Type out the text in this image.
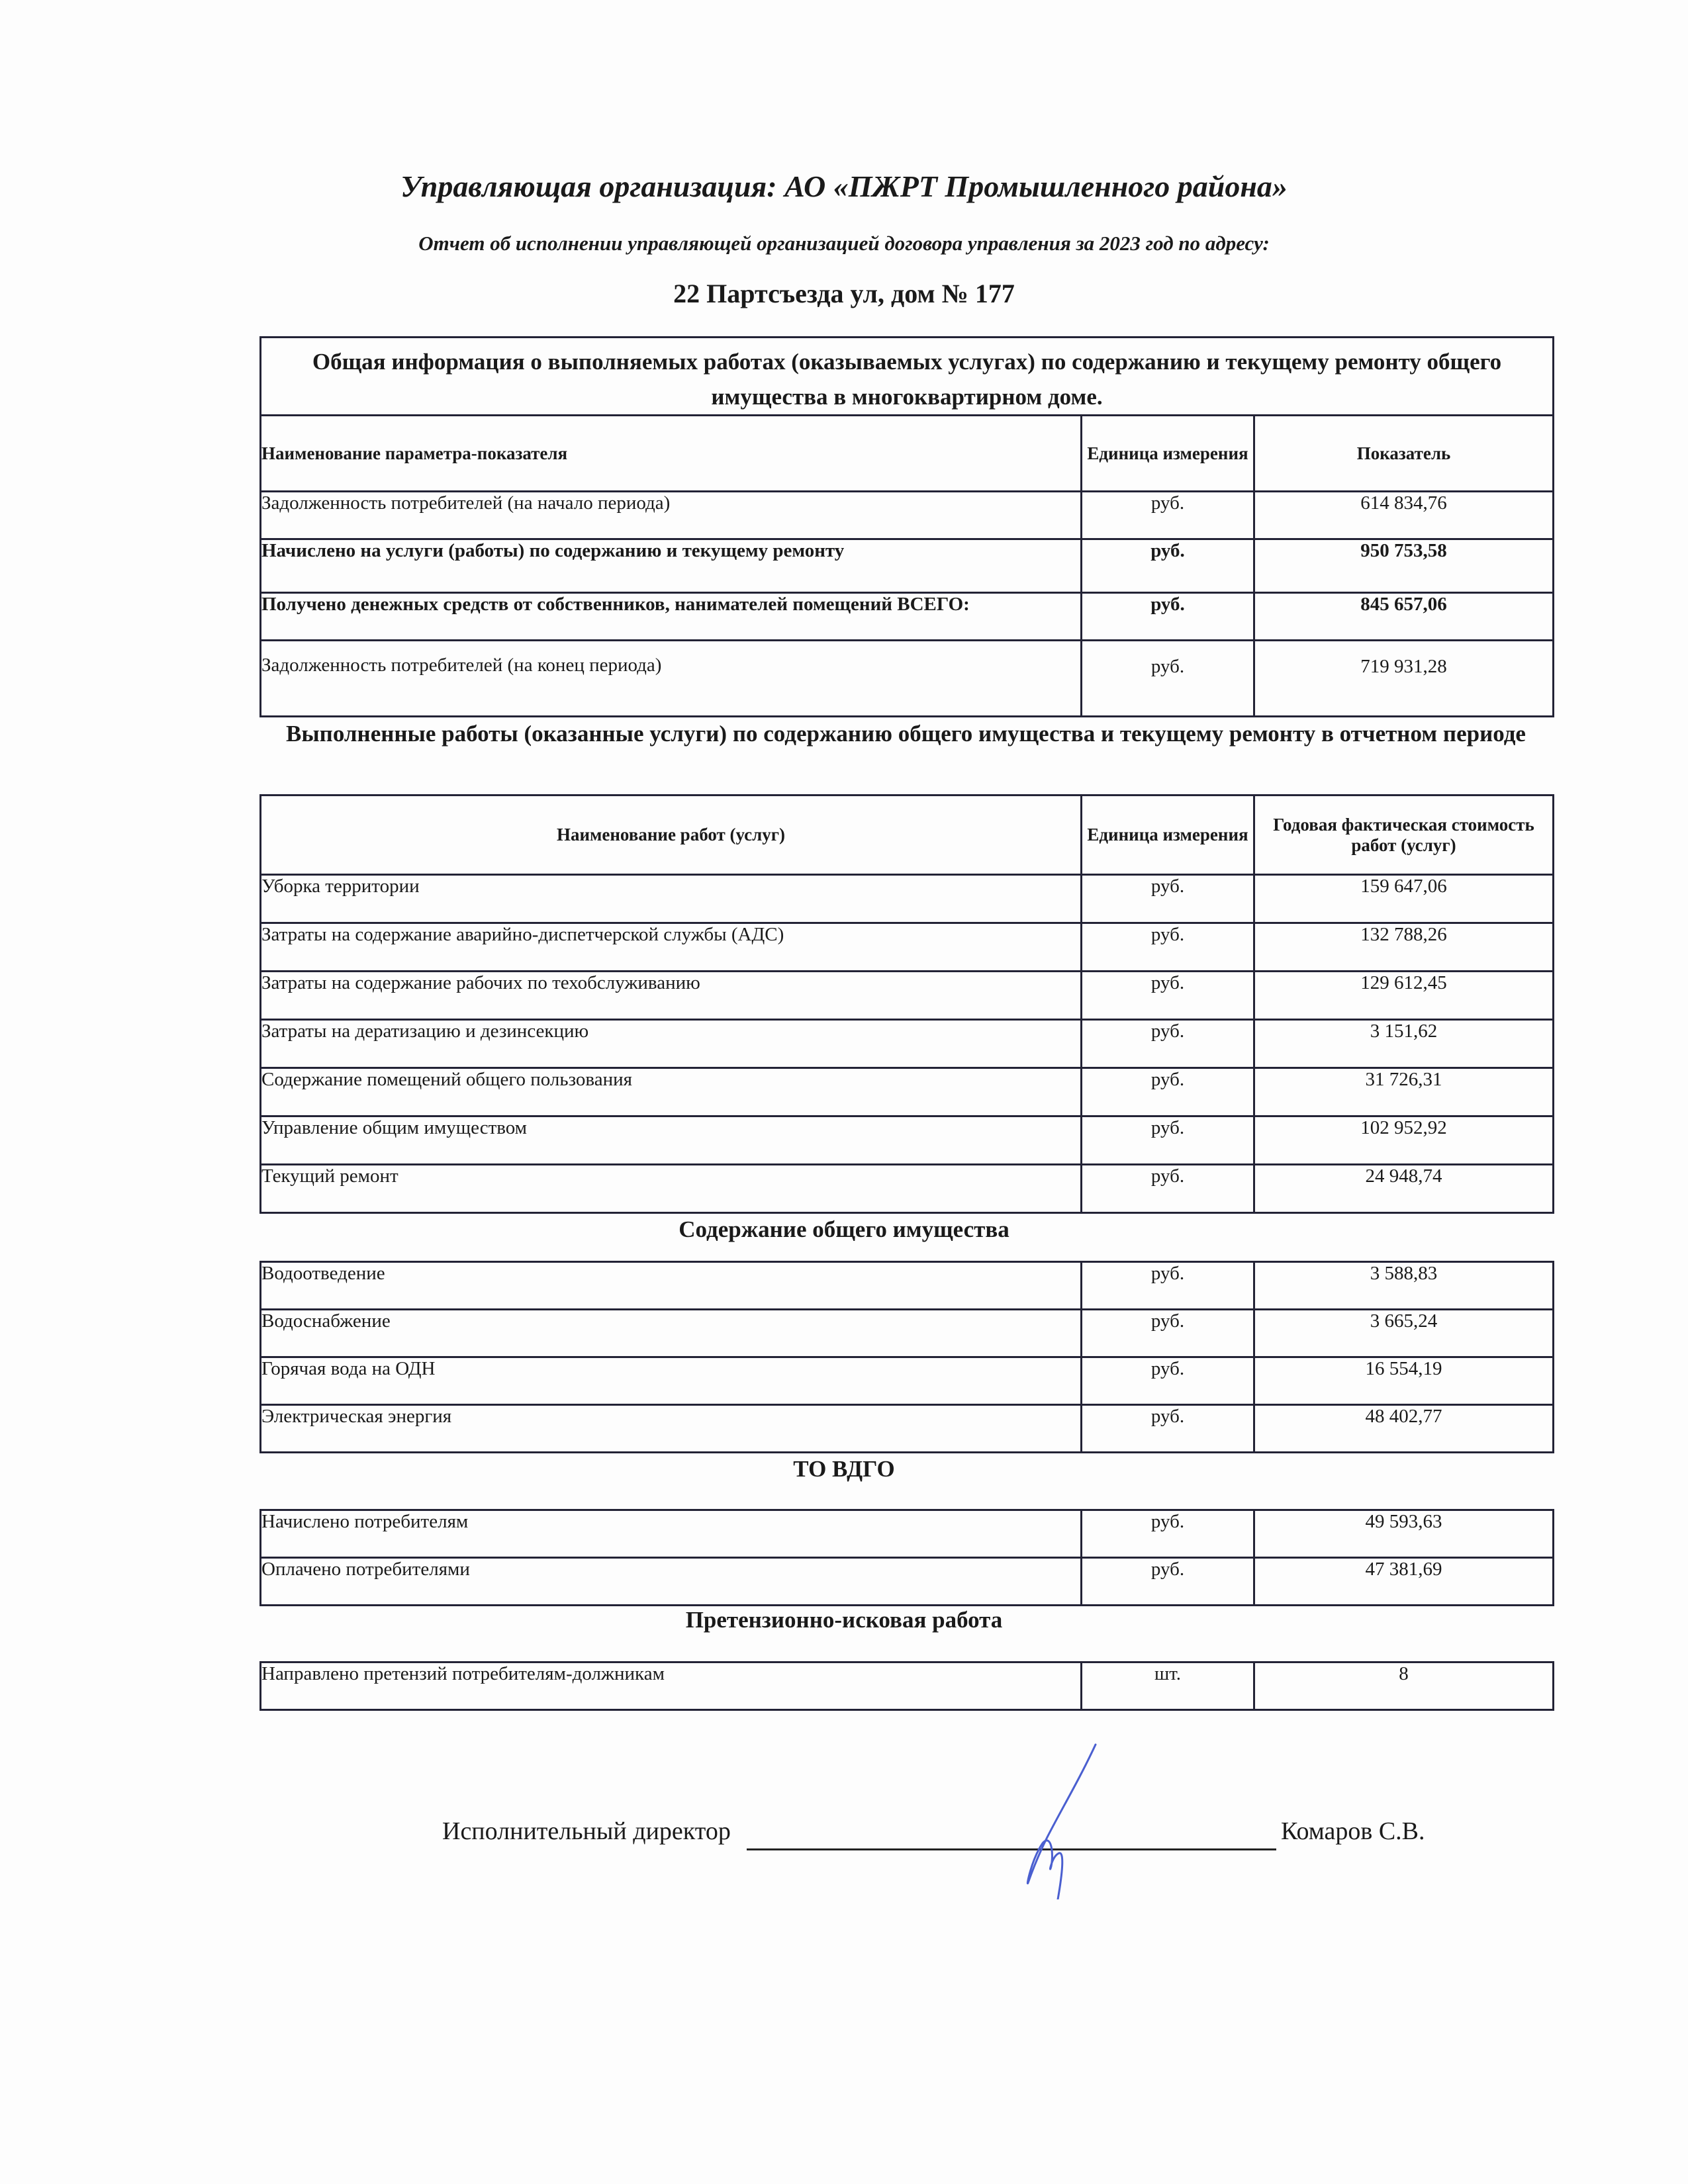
Управляющая организация: АО «ПЖРТ Промышленного района»
Отчет об исполнении управляющей организацией договора управления за 2023 год по адресу:
22 Партсъезда ул, дом № 177
Общая информация о выполняемых работах (оказываемых услугах) по содержанию и текущему ремонту общего имущества в многоквартирном доме.		
Наименование параметра-показателя	Единица измерения	Показатель
Задолженность потребителей (на начало периода)	руб.	614 834,76
Начислено на услуги (работы) по содержанию и текущему ремонту	руб.	950 753,58
Получено денежных средств от собственников, нанимателей помещений ВСЕГО:	руб.	845 657,06
Задолженность потребителей (на конец периода)	руб.	719 931,28
Выполненные работы (оказанные услуги) по содержанию общего имущества и текущему ремонту в отчетном периоде
Наименование работ (услуг)	Единица измерения	Годовая фактическая стоимость работ (услуг)
Уборка территории	руб.	159 647,06
Затраты на содержание аварийно-диспетчерской службы (АДС)	руб.	132 788,26
Затраты на содержание рабочих по техобслуживанию	руб.	129 612,45
Затраты на дератизацию и дезинсекцию	руб.	3 151,62
Содержание помещений общего пользования	руб.	31 726,31
Управление общим имуществом	руб.	102 952,92
Текущий ремонт	руб.	24 948,74
Содержание общего имущества
Водоотведение	руб.	3 588,83
Водоснабжение	руб.	3 665,24
Горячая вода на ОДН	руб.	16 554,19
Электрическая энергия	руб.	48 402,77
ТО ВДГО
Начислено потребителям	руб.	49 593,63
Оплачено потребителями	руб.	47 381,69
Претензионно-исковая работа
Направлено претензий потребителям-должникам	шт.	8
Исполнительный директор	Комаров С.В.
